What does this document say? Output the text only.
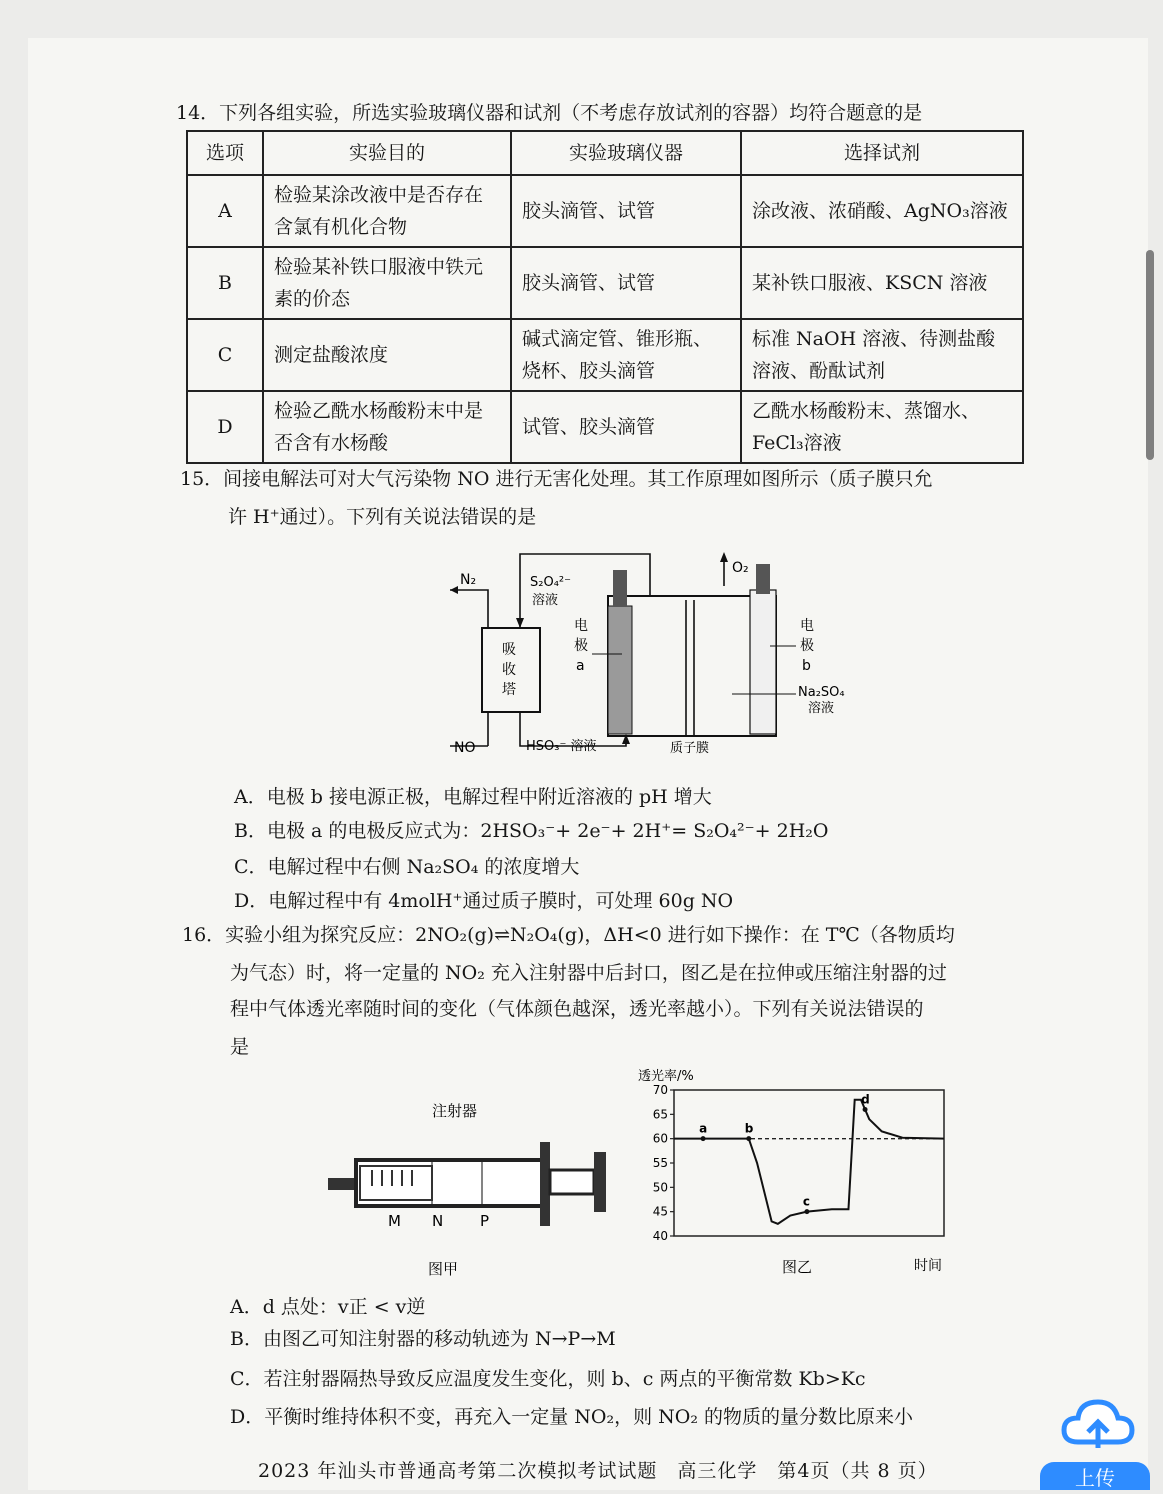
14．下列各组实验，所选实验玻璃仪器和试剂（不考虑存放试剂的容器）均符合题意的是
选项	实验目的	实验玻璃仪器	选择试剂
A	检验某涂改液中是否存在含氯有机化合物	胶头滴管、试管	涂改液、浓硝酸、AgNO₃溶液
B	检验某补铁口服液中铁元素的价态	胶头滴管、试管	某补铁口服液、KSCN 溶液
C	测定盐酸浓度	碱式滴定管、锥形瓶、烧杯、胶头滴管	标准 NaOH 溶液、待测盐酸溶液、酚酞试剂
D	检验乙酰水杨酸粉末中是否含有水杨酸	试管、胶头滴管	乙酰水杨酸粉末、蒸馏水、FeCl₃溶液
15．间接电解法可对大气污染物 NO 进行无害化处理。其工作原理如图所示（质子膜只允
许 H⁺通过）。下列有关说法错误的是
吸
收
塔
N₂
NO
S₂O₄²⁻
溶液
HSO₃⁻ 溶液
O₂
电
极
a
电
极
b
Na₂SO₄
溶液
质子膜
A．电极 b 接电源正极，电解过程中附近溶液的 pH 增大
B．电极 a 的电极反应式为：2HSO₃⁻+ 2e⁻+ 2H⁺= S₂O₄²⁻+ 2H₂O
C．电解过程中右侧 Na₂SO₄ 的浓度增大
D．电解过程中有 4molH⁺通过质子膜时，可处理 60g NO
16．实验小组为探究反应：2NO₂(g)⇌N₂O₄(g)，ΔH<0 进行如下操作：在 T℃（各物质均
为气态）时，将一定量的 NO₂ 充入注射器中后封口，图乙是在拉伸或压缩注射器的过
程中气体透光率随时间的变化（气体颜色越深，透光率越小）。下列有关说法错误的
是
注射器
M N P
图甲
透光率/%
时间
图乙
40
45
50
55
60
65
70
a	b
c
d
A．d 点处：v正 < v逆
B．由图乙可知注射器的移动轨迹为 N→P→M
C．若注射器隔热导致反应温度发生变化，则 b、c 两点的平衡常数 Kb>Kc
D．平衡时维持体积不变，再充入一定量 NO₂，则 NO₂ 的物质的量分数比原来小
2023 年汕头市普通高考第二次模拟考试试题　高三化学　第4页（共 8 页）	上传
